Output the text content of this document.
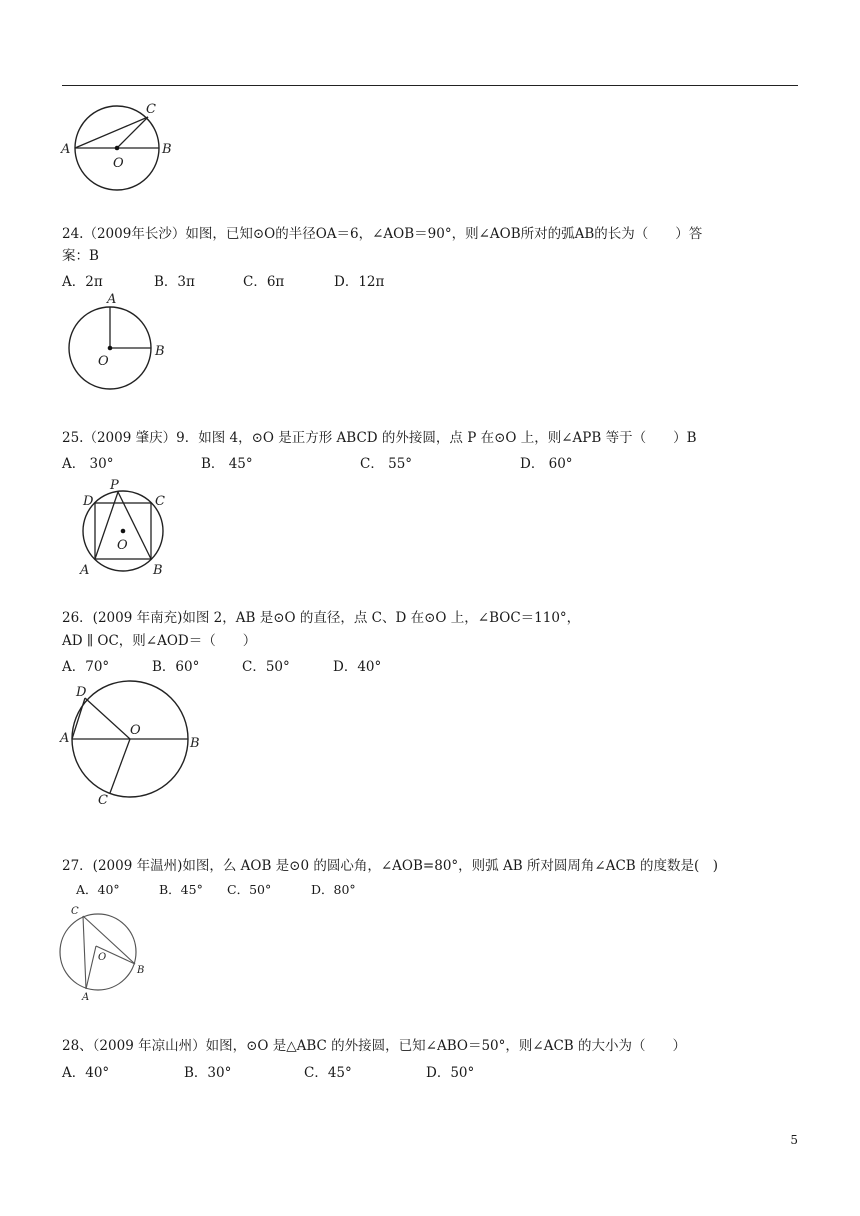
A	B
C
O
24.（2009年长沙）如图，已知⊙O的半径OA＝6，∠AOB＝90°，则∠AOB所对的弧AB的长为（　　）答
案：B
A．2π	B．3π	C．6π	D．12π
A
B
O
25.（2009 肇庆）9．如图 4，⊙O 是正方形 ABCD 的外接圆，点 P 在⊙O 上，则∠APB 等于（　　）B
A． 30°	B． 45°	C． 55°	D． 60°
D
P
C
A	B
O
26．(2009 年南充)如图 2，AB 是⊙O 的直径，点 C、D 在⊙O 上，∠BOC＝110°，
AD ∥ OC，则∠AOD＝（　　）
A．70°	B．60°	C．50°	D．40°
D
A
O
B
C
27．(2009 年温州)如图，么 AOB 是⊙0 的圆心角，∠AOB=80°，则弧 AB 所对圆周角∠ACB 的度数是(　)
A．40°	B．45° C．50°	D．80°
C
O
B
A
28、（2009 年凉山州）如图，⊙O 是△ABC 的外接圆，已知∠ABO＝50°，则∠ACB 的大小为（　　）
A．40°	B．30°	C．45°	D．50°
5
